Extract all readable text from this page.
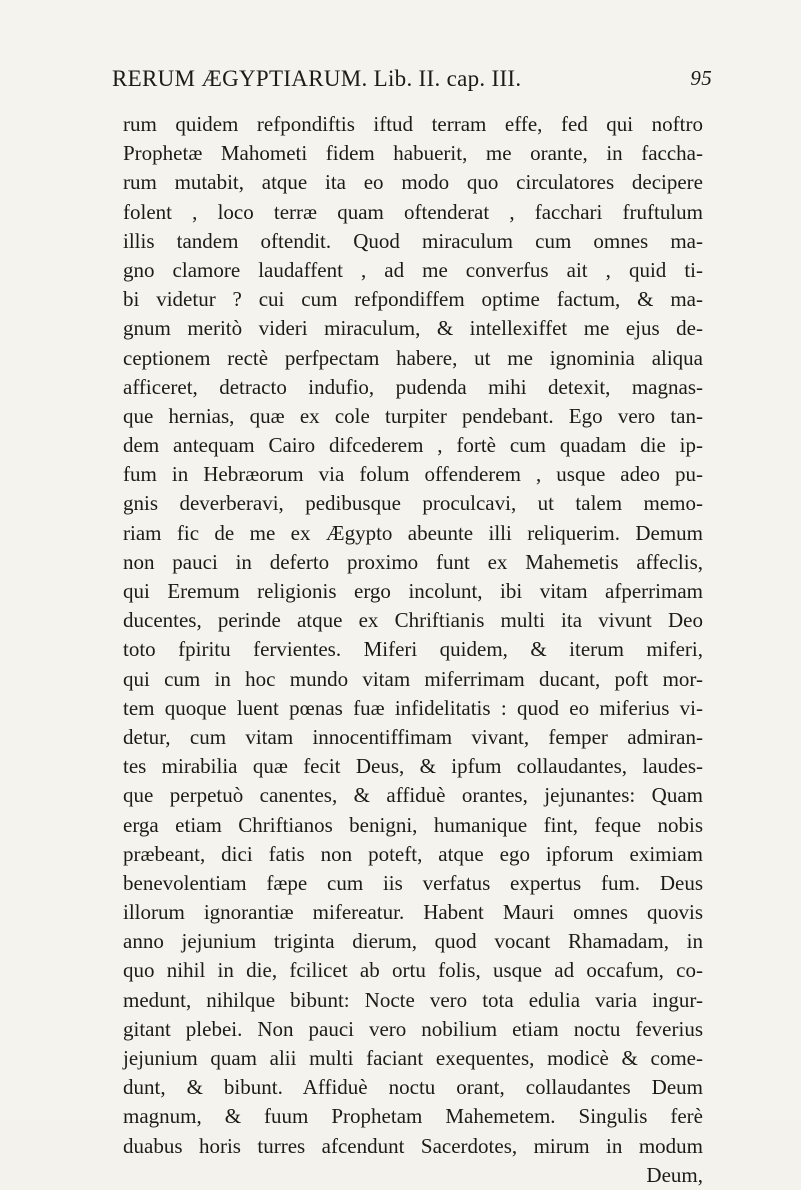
RERUM ÆGYPTIARUM. Lib. II. cap. III.	95
rum quidem refpondiftis iftud terram effe, fed qui noftro
Prophetæ Mahometi fidem habuerit, me orante, in faccha-
rum mutabit, atque ita eo modo quo circulatores decipere
folent , loco terræ quam oftenderat , facchari fruftulum
illis tandem oftendit. Quod miraculum cum omnes ma-
gno clamore laudaffent , ad me converfus ait , quid ti-
bi videtur ? cui cum refpondiffem optime factum, & ma-
gnum meritò videri miraculum, & intellexiffet me ejus de-
ceptionem rectè perfpectam habere, ut me ignominia aliqua
afficeret, detracto indufio, pudenda mihi detexit, magnas-
que hernias, quæ ex cole turpiter pendebant. Ego vero tan-
dem antequam Cairo difcederem , fortè cum quadam die ip-
fum in Hebræorum via folum offenderem , usque adeo pu-
gnis deverberavi, pedibusque proculcavi, ut talem memo-
riam fic de me ex Ægypto abeunte illi reliquerim. Demum
non pauci in deferto proximo funt ex Mahemetis affeclis,
qui Eremum religionis ergo incolunt, ibi vitam afperrimam
ducentes, perinde atque ex Chriftianis multi ita vivunt Deo
toto fpiritu fervientes. Miferi quidem, & iterum miferi,
qui cum in hoc mundo vitam miferrimam ducant, poft mor-
tem quoque luent pœnas fuæ infidelitatis : quod eo miferius vi-
detur, cum vitam innocentiffimam vivant, femper admiran-
tes mirabilia quæ fecit Deus, & ipfum collaudantes, laudes-
que perpetuò canentes, & affiduè orantes, jejunantes: Quam
erga etiam Chriftianos benigni, humanique fint, feque nobis
præbeant, dici fatis non poteft, atque ego ipforum eximiam
benevolentiam fæpe cum iis verfatus expertus fum. Deus
illorum ignorantiæ mifereatur. Habent Mauri omnes quovis
anno jejunium triginta dierum, quod vocant Rhamadam, in
quo nihil in die, fcilicet ab ortu folis, usque ad occafum, co-
medunt, nihilque bibunt: Nocte vero tota edulia varia ingur-
gitant plebei. Non pauci vero nobilium etiam noctu feverius
jejunium quam alii multi faciant exequentes, modicè & come-
dunt, & bibunt. Affiduè noctu orant, collaudantes Deum
magnum, & fuum Prophetam Mahemetem. Singulis ferè
duabus horis turres afcendunt Sacerdotes, mirum in modum
Deum,
